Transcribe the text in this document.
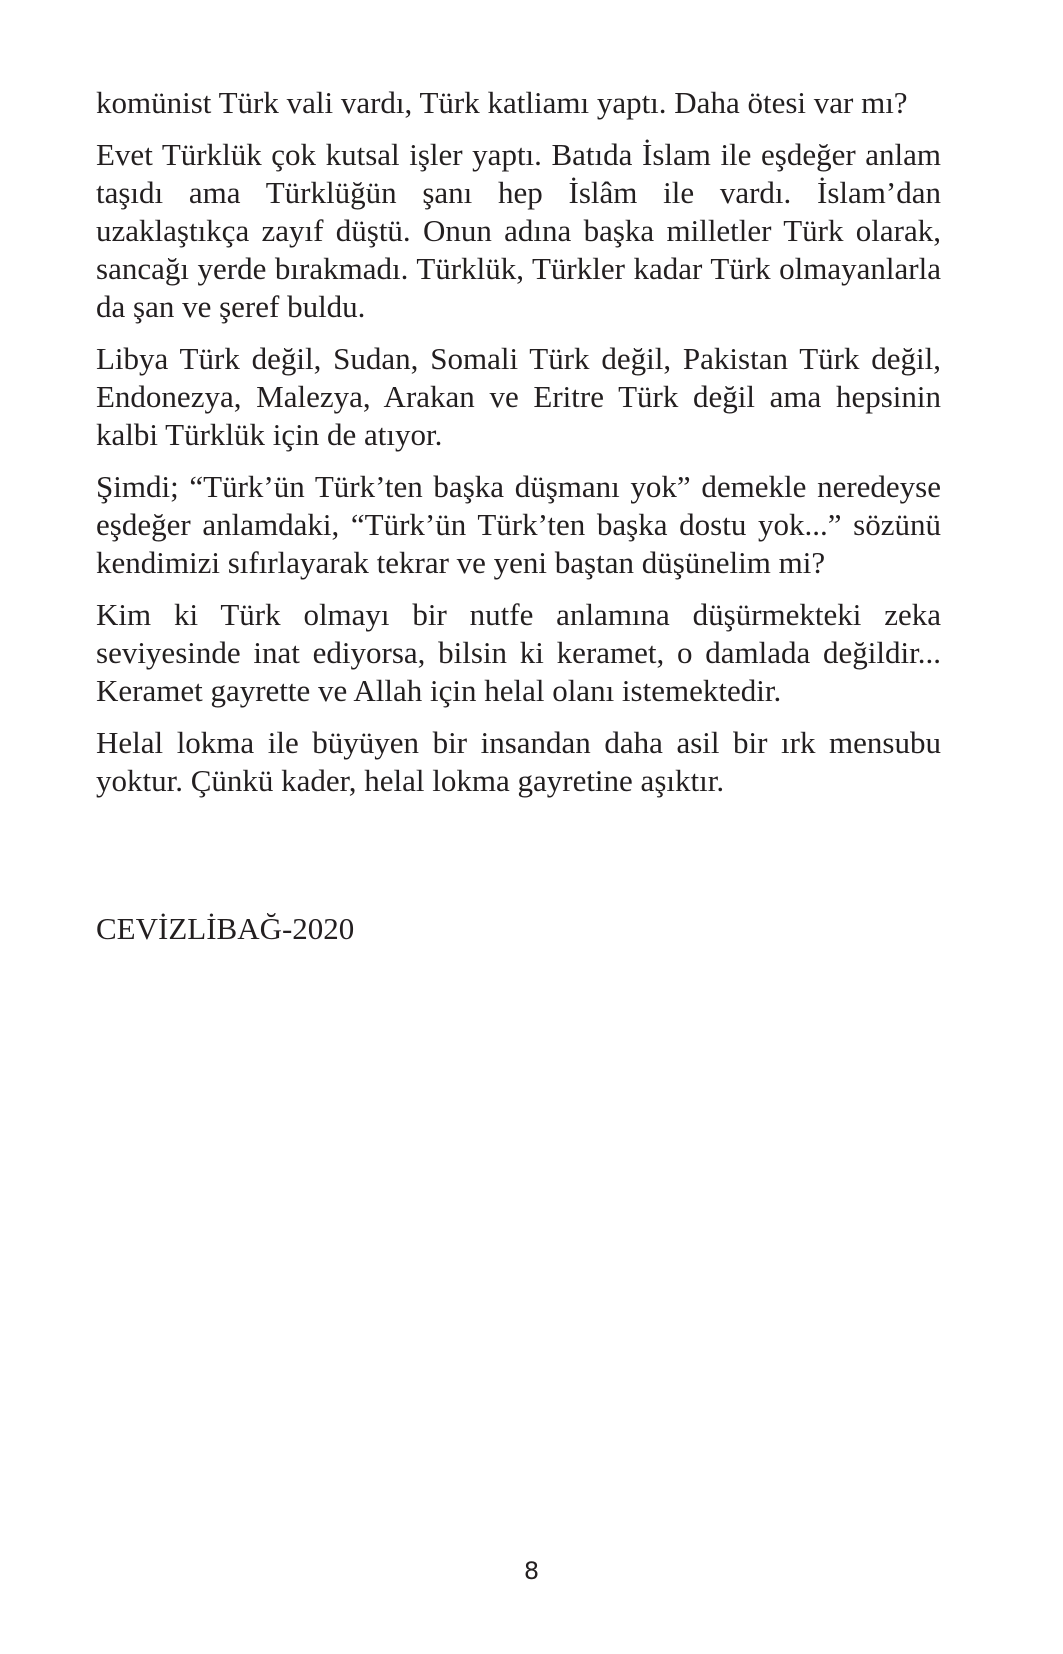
komünist Türk vali vardı, Türk katliamı yaptı. Daha ötesi var mı?

Evet Türklük çok kutsal işler yaptı. Batıda İslam ile eşdeğer anlam taşıdı ama Türklüğün şanı hep İslâm ile vardı. İslam’dan uzaklaştıkça zayıf düştü. Onun adına başka milletler Türk olarak, sancağı yerde bırakmadı. Türklük, Türkler kadar Türk olmayanlarla da şan ve şeref buldu.

Libya Türk değil, Sudan, Somali Türk değil, Pakistan Türk değil, Endonezya, Malezya, Arakan ve Eritre Türk değil ama hepsinin kalbi Türklük için de atıyor.

Şimdi; “Türk’ün Türk’ten başka düşmanı yok” demekle neredeyse eşdeğer anlamdaki, “Türk’ün Türk’ten başka dostu yok...” sözünü kendimizi sıfırlayarak tekrar ve yeni baştan düşünelim mi?

Kim ki Türk olmayı bir nutfe anlamına düşürmekteki zeka seviyesinde inat ediyorsa, bilsin ki keramet, o damlada değildir... Keramet gayrette ve Allah için helal olanı istemektedir.

Helal lokma ile büyüyen bir insandan daha asil bir ırk mensubu yoktur. Çünkü kader, helal lokma gayretine aşıktır.

CEVİZLİBAĞ-2020
8
